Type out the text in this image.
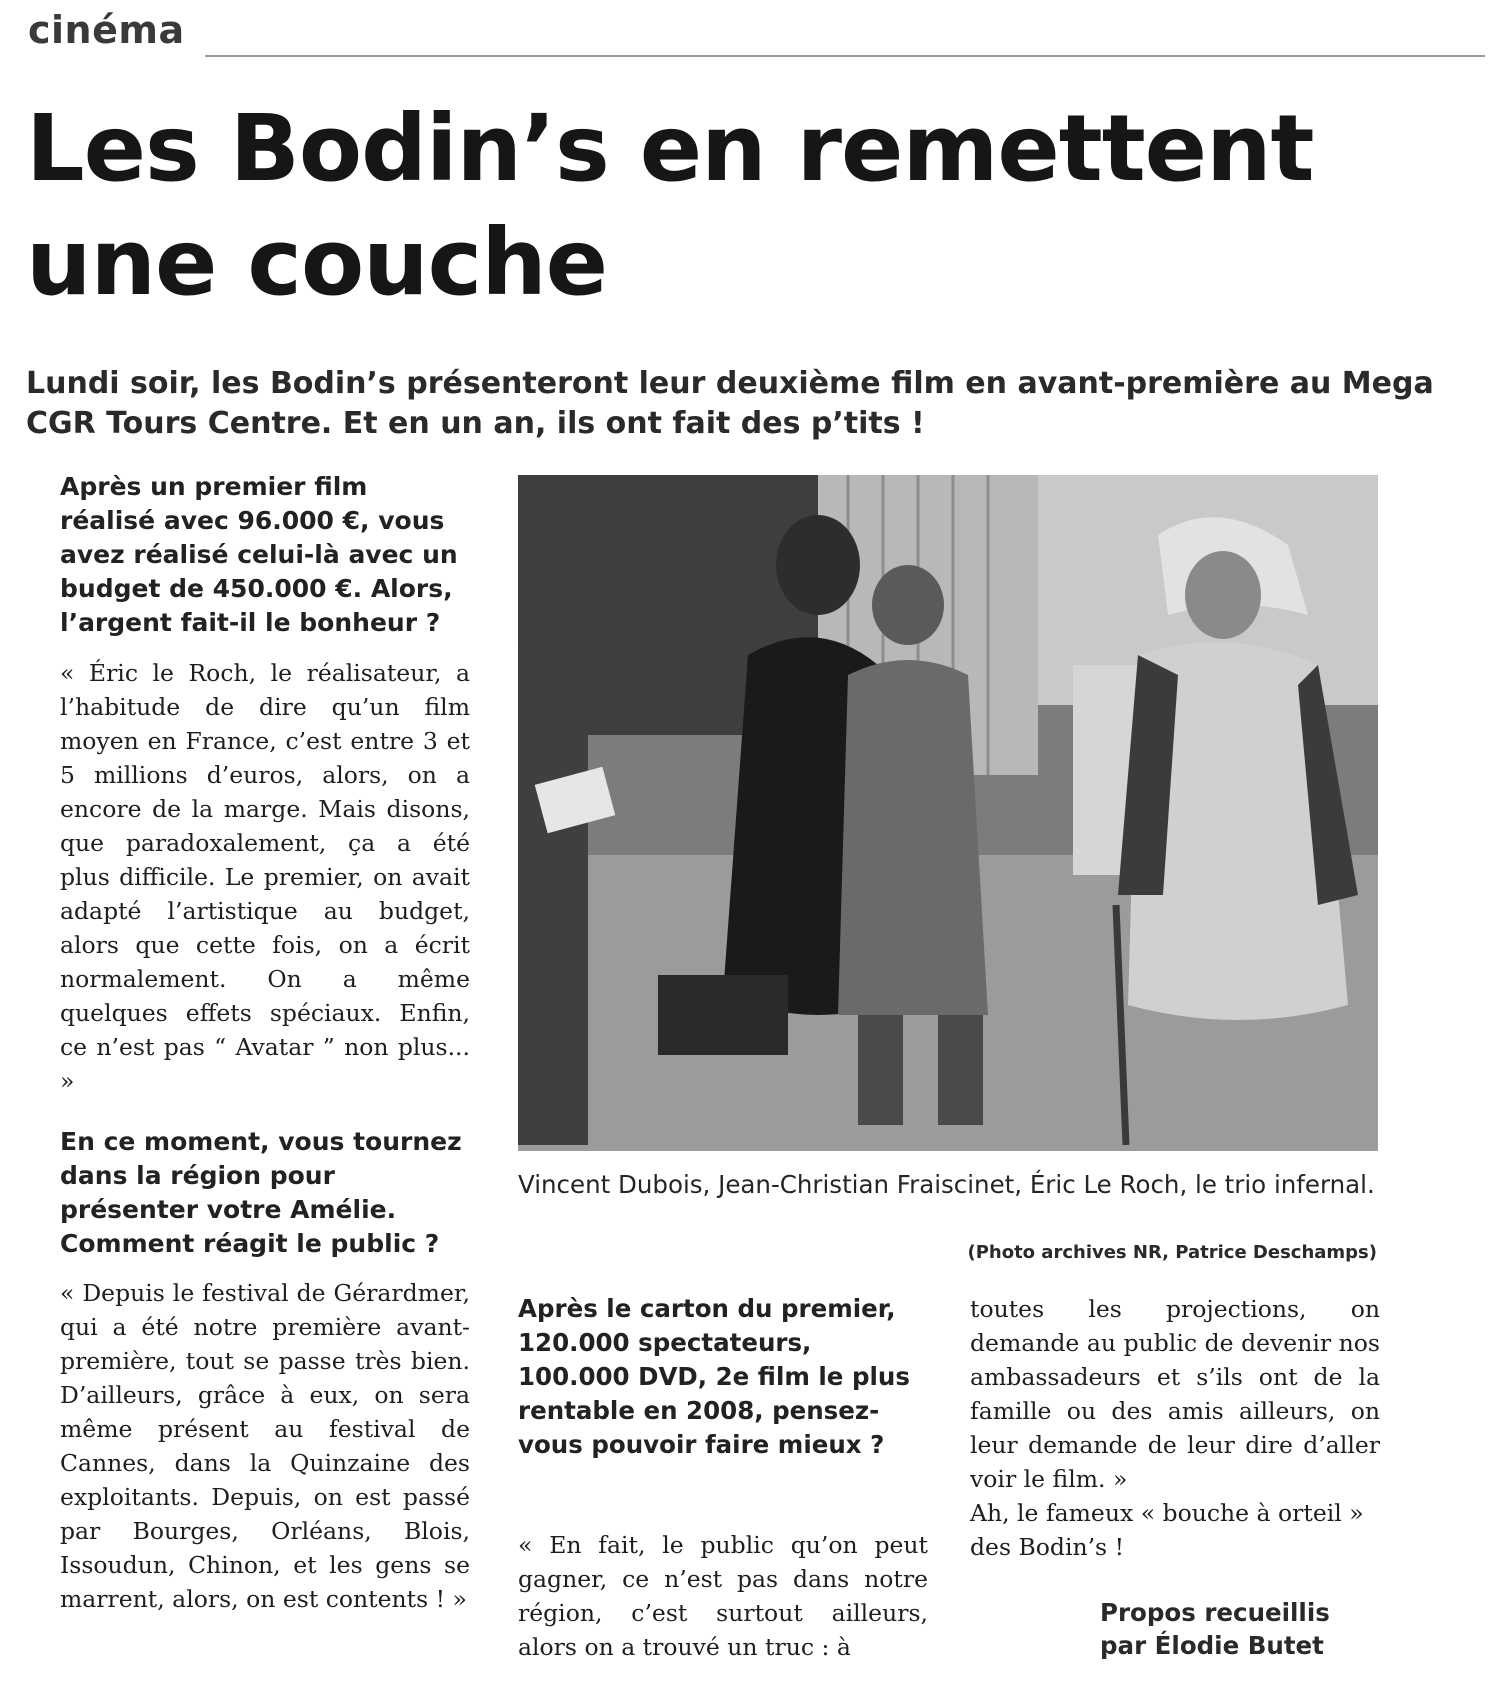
cinéma
Les Bodin’s en remettent une couche
Lundi soir, les Bodin’s présenteront leur deuxième film en avant-première au Mega CGR Tours Centre. Et en un an, ils ont fait des p’tits !
Après un premier film réalisé avec 96.000 €, vous avez réalisé celui-là avec un budget de 450.000 €. Alors, l’argent fait-il le bonheur ?
« Éric le Roch, le réalisateur, a l’habitude de dire qu’un film moyen en France, c’est entre 3 et 5 millions d’euros, alors, on a encore de la marge. Mais disons, que paradoxalement, ça a été plus difficile. Le premier, on avait adapté l’artistique au budget, alors que cette fois, on a écrit normalement. On a même quelques effets spéciaux. Enfin, ce n’est pas “ Avatar ” non plus... »
En ce moment, vous tournez dans la région pour présenter votre Amélie. Comment réagit le public ?
« Depuis le festival de Gérardmer, qui a été notre première avant-première, tout se passe très bien. D’ailleurs, grâce à eux, on sera même présent au festival de Cannes, dans la Quinzaine des exploitants. Depuis, on est passé par Bourges, Orléans, Blois, Issoudun, Chinon, et les gens se marrent, alors, on est contents ! »
Vincent Dubois, Jean-Christian Fraiscinet, Éric Le Roch, le trio infernal.
(Photo archives NR, Patrice Deschamps)
Après le carton du premier, 120.000 spectateurs, 100.000 DVD, 2e film le plus rentable en 2008, pensez-vous pouvoir faire mieux ?
« En fait, le public qu’on peut gagner, ce n’est pas dans notre région, c’est surtout ailleurs, alors on a trouvé un truc : à
toutes les projections, on demande au public de devenir nos ambassadeurs et s’ils ont de la famille ou des amis ailleurs, on leur demande de leur dire d’aller voir le film. »
Ah, le fameux « bouche à orteil » des Bodin’s !
Propos recueillis
par Élodie Butet
